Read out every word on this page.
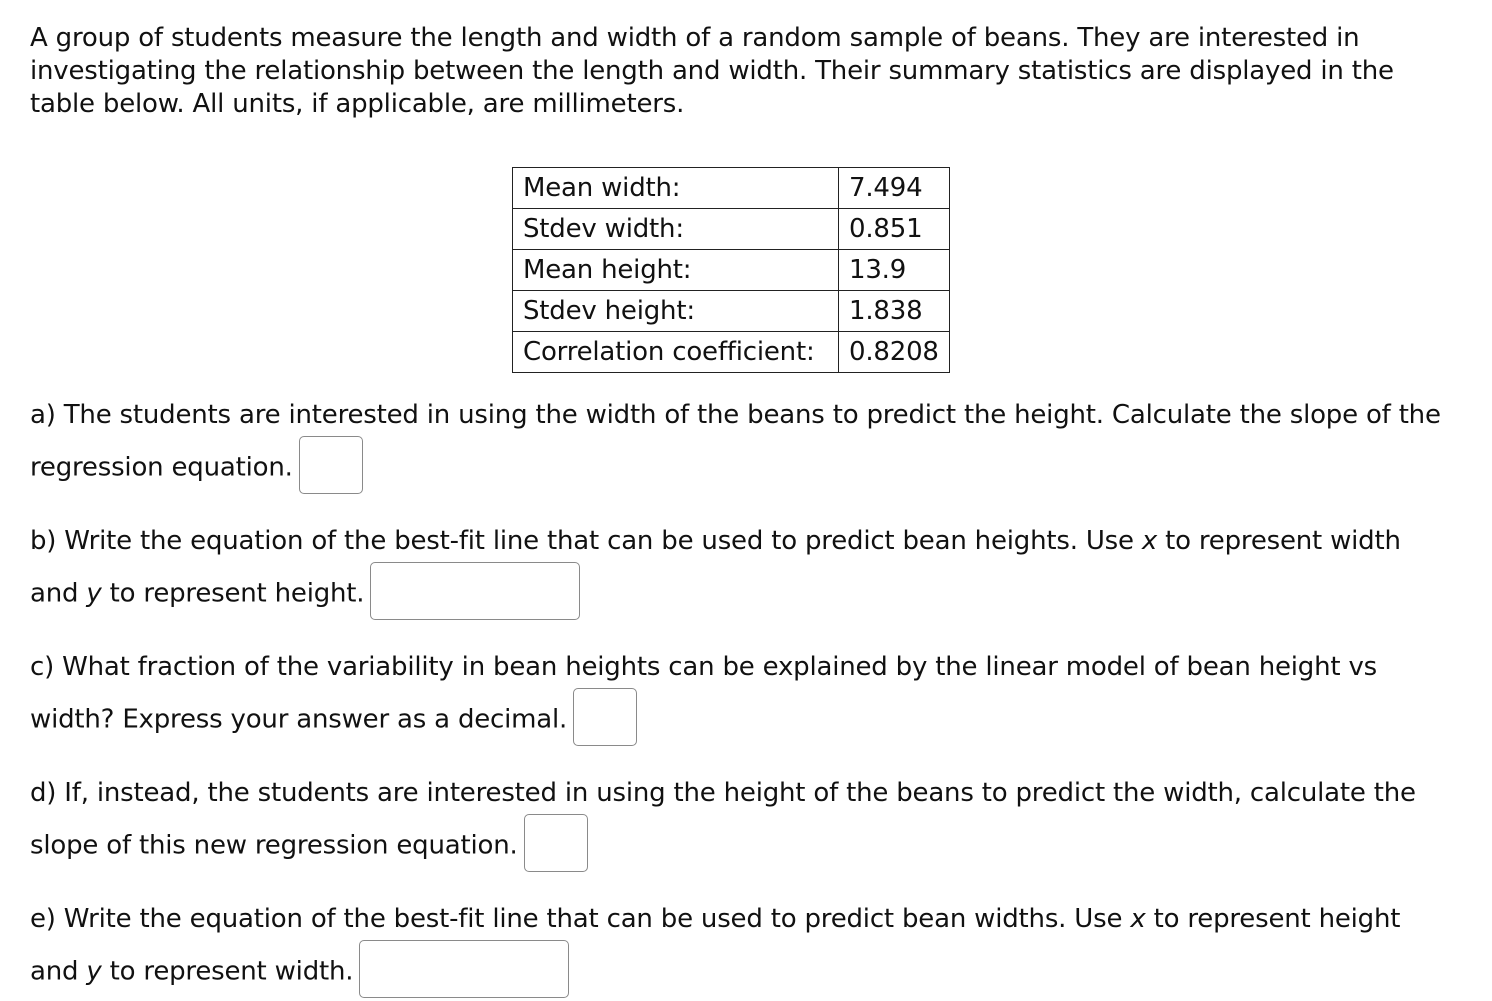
A group of students measure the length and width of a random sample of beans. They are interested in investigating the relationship between the length and width. Their summary statistics are displayed in the table below. All units, if applicable, are millimeters.

Mean width:	7.494
Stdev width:	0.851
Mean height:	13.9
Stdev height:	1.838
Correlation coefficient:	0.8208

a) The students are interested in using the width of the beans to predict the height. Calculate the slope of the regression equation.

b) Write the equation of the best-fit line that can be used to predict bean heights. Use x to represent width and y to represent height.

c) What fraction of the variability in bean heights can be explained by the linear model of bean height vs width? Express your answer as a decimal.

d) If, instead, the students are interested in using the height of the beans to predict the width, calculate the slope of this new regression equation.

e) Write the equation of the best-fit line that can be used to predict bean widths. Use x to represent height and y to represent width.
